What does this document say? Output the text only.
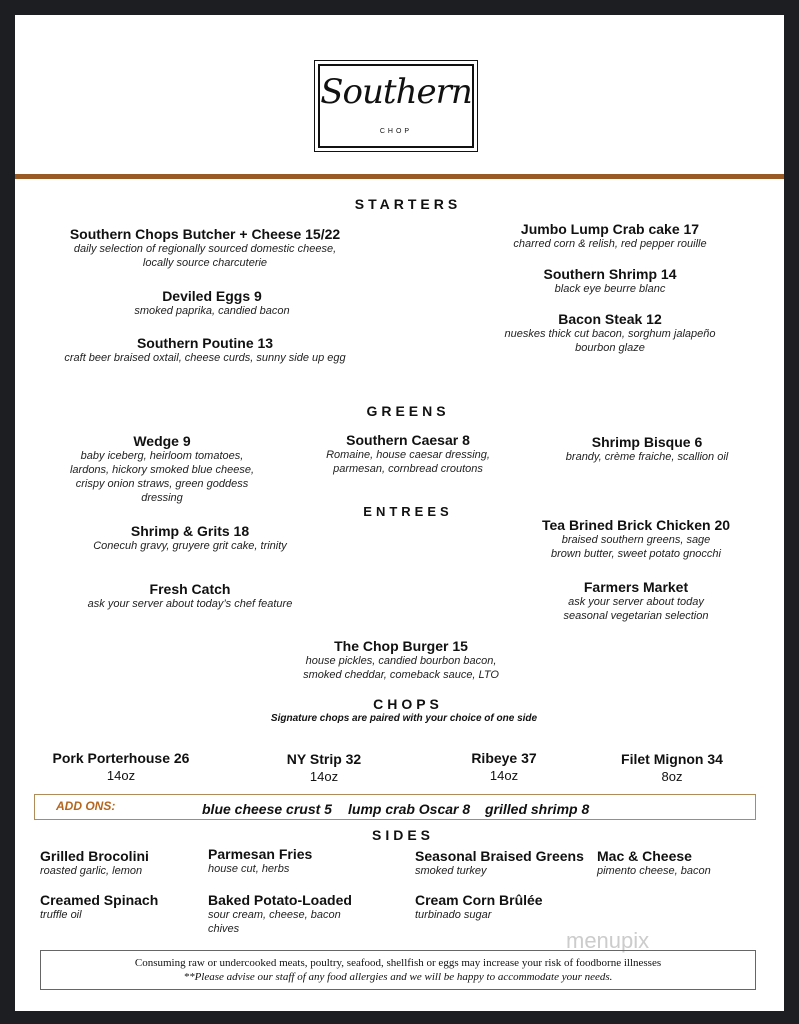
Southern
CHOP
STARTERS
Southern Chops Butcher + Cheese 15/22
daily selection of regionally sourced domestic cheese,
locally source charcuterie
Deviled Eggs 9
smoked paprika, candied bacon
Southern Poutine 13
craft beer braised oxtail, cheese curds, sunny side up egg
Jumbo Lump Crab cake 17
charred corn & relish, red pepper rouille
Southern Shrimp 14
black eye beurre blanc
Bacon Steak 12
nueskes thick cut bacon, sorghum jalapeño
bourbon glaze
GREENS
Wedge 9
baby iceberg, heirloom tomatoes,
lardons, hickory smoked blue cheese,
crispy onion straws, green goddess
dressing
Southern Caesar 8
Romaine, house caesar dressing,
parmesan, cornbread croutons
Shrimp Bisque 6
brandy, crème fraiche, scallion oil
ENTREES
Shrimp & Grits 18
Conecuh gravy, gruyere grit cake, trinity
Fresh Catch
ask your server about today’s chef feature
Tea Brined Brick Chicken 20
braised southern greens, sage
brown butter, sweet potato gnocchi
Farmers Market
ask your server about today
seasonal vegetarian selection
The Chop Burger 15
house pickles, candied bourbon bacon,
smoked cheddar, comeback sauce, LTO
CHOPS
Signature chops are paired with your choice of one side
Pork Porterhouse 26
14oz
NY Strip 32
14oz
Ribeye 37
14oz
Filet Mignon 34
8oz
ADD ONS:	blue cheese crust 5 lump crab Oscar 8 grilled shrimp 8
SIDES
Grilled Brocolini
roasted garlic, lemon
Parmesan Fries
house cut, herbs
Seasonal Braised Greens
smoked turkey
Mac & Cheese
pimento cheese, bacon
Creamed Spinach
truffle oil
Baked Potato-Loaded
sour cream, cheese, bacon
chives
Cream Corn Brûlée
turbinado sugar
menupix
Consuming raw or undercooked meats, poultry, seafood, shellfish or eggs may increase your risk of foodborne illnesses
**Please advise our staff of any food allergies and we will be happy to accommodate your needs.
